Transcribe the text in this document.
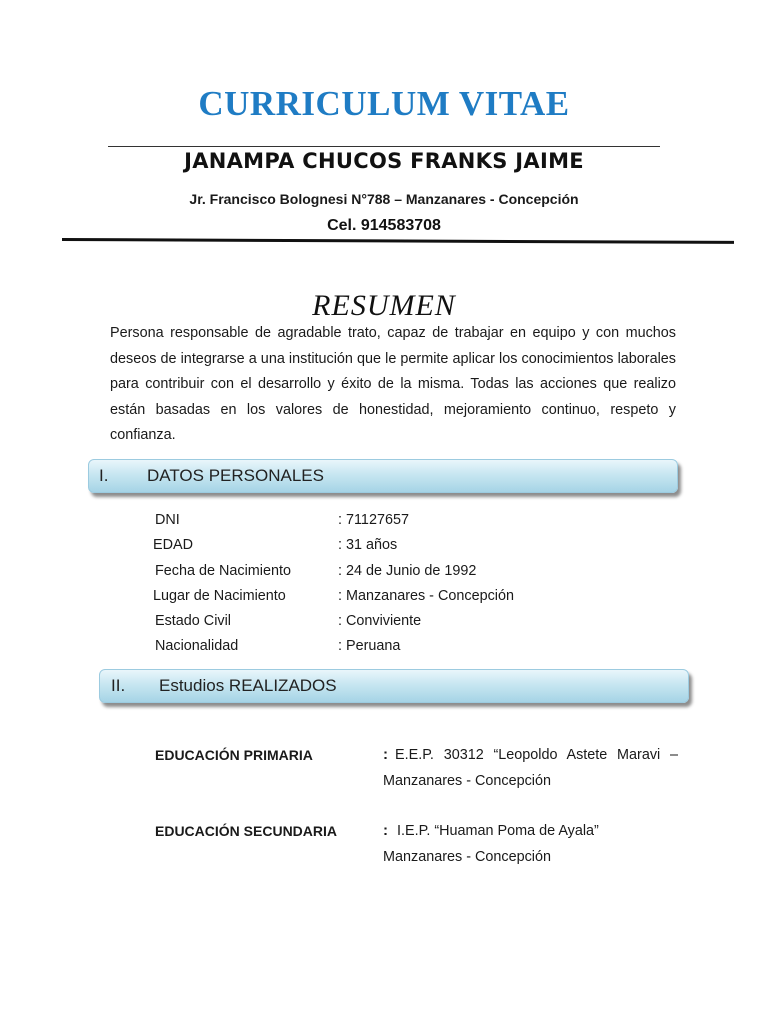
CURRICULUM VITAE
JANAMPA CHUCOS FRANKS JAIME
Jr. Francisco Bolognesi N°788 – Manzanares - Concepción
Cel. 914583708
RESUMEN
Persona responsable de agradable trato, capaz de trabajar en equipo y con muchos deseos de integrarse a una institución que le permite aplicar los conocimientos laborales para contribuir con el desarrollo y éxito de la misma. Todas las acciones que realizo están basadas en los valores de honestidad, mejoramiento continuo, respeto y confianza.
I. DATOS PERSONALES
DNI	: 71127657
EDAD	: 31 años
Fecha de Nacimiento	: 24 de Junio de 1992
Lugar de Nacimiento	: Manzanares - Concepción
Estado Civil	: Conviviente
Nacionalidad	: Peruana
II. Estudios REALIZADOS
EDUCACIÓN PRIMARIA	: E.E.P. 30312 “Leopoldo Astete Maravi –
Manzanares - Concepción
EDUCACIÓN SECUNDARIA	: I.E.P. “Huaman Poma de Ayala”
Manzanares - Concepción
